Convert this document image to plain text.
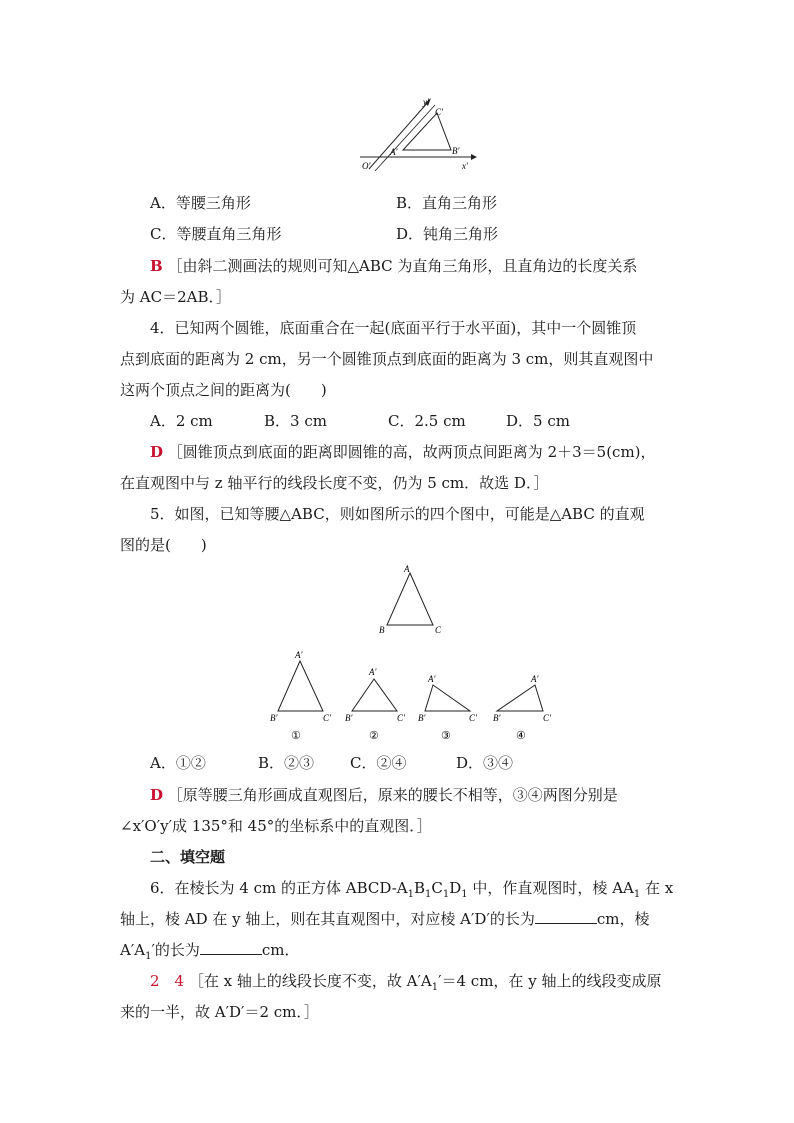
y′
C′
A′	B′
O′	x′
A．等腰三角形	B．直角三角形
C．等腰直角三角形	D．钝角三角形
B ［由斜二测画法的规则可知△ABC 为直角三角形，且直角边的长度关系
为 AC＝2AB．］
4．已知两个圆锥，底面重合在一起(底面平行于水平面)，其中一个圆锥顶
点到底面的距离为 2 cm，另一个圆锥顶点到底面的距离为 3 cm，则其直观图中
这两个顶点之间的距离为(　　)
A．2 cm	B．3 cm	C．2.5 cm	D．5 cm
D ［圆锥顶点到底面的距离即圆锥的高，故两顶点间距离为 2＋3＝5(cm)，
在直观图中与 z 轴平行的线段长度不变，仍为 5 cm．故选 D．］
5．如图，已知等腰△ABC，则如图所示的四个图中，可能是△ABC 的直观
图的是(　　)
A
B	C
A′
B′	C′
①
A′
B′	C′
②
A′
B′	C′
③
A′
B′	C′
④
A．①②	B．②③ C．②④	D．③④
D ［原等腰三角形画成直观图后，原来的腰长不相等，③④两图分别是
∠x′O′y′成 135°和 45°的坐标系中的直观图．］
二、填空题
6．在棱长为 4 cm 的正方体 ABCD-$A_1B_1C_1D_1$ 中，作直观图时，棱 $AA_1$ 在 x
轴上，棱 AD 在 y 轴上，则在其直观图中，对应棱 A′D′的长为	cm，棱
$A'A_1'$的长为	cm．
2　4 ［在 x 轴上的线段长度不变，故 $A'A_1'=4$ cm，在 y 轴上的线段变成原
来的一半，故 A′D′＝2 cm．］
